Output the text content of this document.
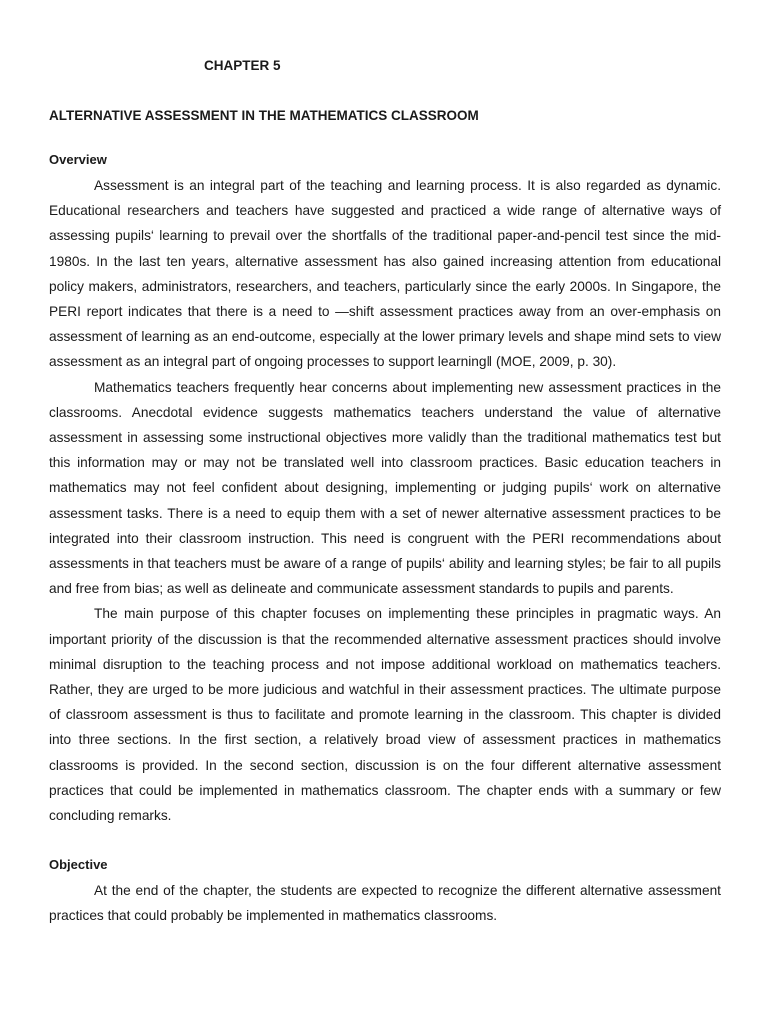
CHAPTER 5
ALTERNATIVE ASSESSMENT IN THE MATHEMATICS CLASSROOM
Overview

Assessment is an integral part of the teaching and learning process. It is also regarded as dynamic. Educational researchers and teachers have suggested and practiced a wide range of alternative ways of assessing pupils‘ learning to prevail over the shortfalls of the traditional paper-and-pencil test since the mid-1980s. In the last ten years, alternative assessment has also gained increasing attention from educational policy makers, administrators, researchers, and teachers, particularly since the early 2000s. In Singapore, the PERI report indicates that there is a need to ―shift assessment practices away from an over-emphasis on assessment of learning as an end-outcome, especially at the lower primary levels and shape mind sets to view assessment as an integral part of ongoing processes to support learning‖ (MOE, 2009, p. 30).

Mathematics teachers frequently hear concerns about implementing new assessment practices in the classrooms. Anecdotal evidence suggests mathematics teachers understand the value of alternative assessment in assessing some instructional objectives more validly than the traditional mathematics test but this information may or may not be translated well into classroom practices. Basic education teachers in mathematics may not feel confident about designing, implementing or judging pupils‘ work on alternative assessment tasks. There is a need to equip them with a set of newer alternative assessment practices to be integrated into their classroom instruction. This need is congruent with the PERI recommendations about assessments in that teachers must be aware of a range of pupils‘ ability and learning styles; be fair to all pupils and free from bias; as well as delineate and communicate assessment standards to pupils and parents.

The main purpose of this chapter focuses on implementing these principles in pragmatic ways. An important priority of the discussion is that the recommended alternative assessment practices should involve minimal disruption to the teaching process and not impose additional workload on mathematics teachers. Rather, they are urged to be more judicious and watchful in their assessment practices. The ultimate purpose of classroom assessment is thus to facilitate and promote learning in the classroom. This chapter is divided into three sections. In the first section, a relatively broad view of assessment practices in mathematics classrooms is provided. In the second section, discussion is on the four different alternative assessment practices that could be implemented in mathematics classroom. The chapter ends with a summary or few concluding remarks.

Objective

At the end of the chapter, the students are expected to recognize the different alternative assessment practices that could probably be implemented in mathematics classrooms.
